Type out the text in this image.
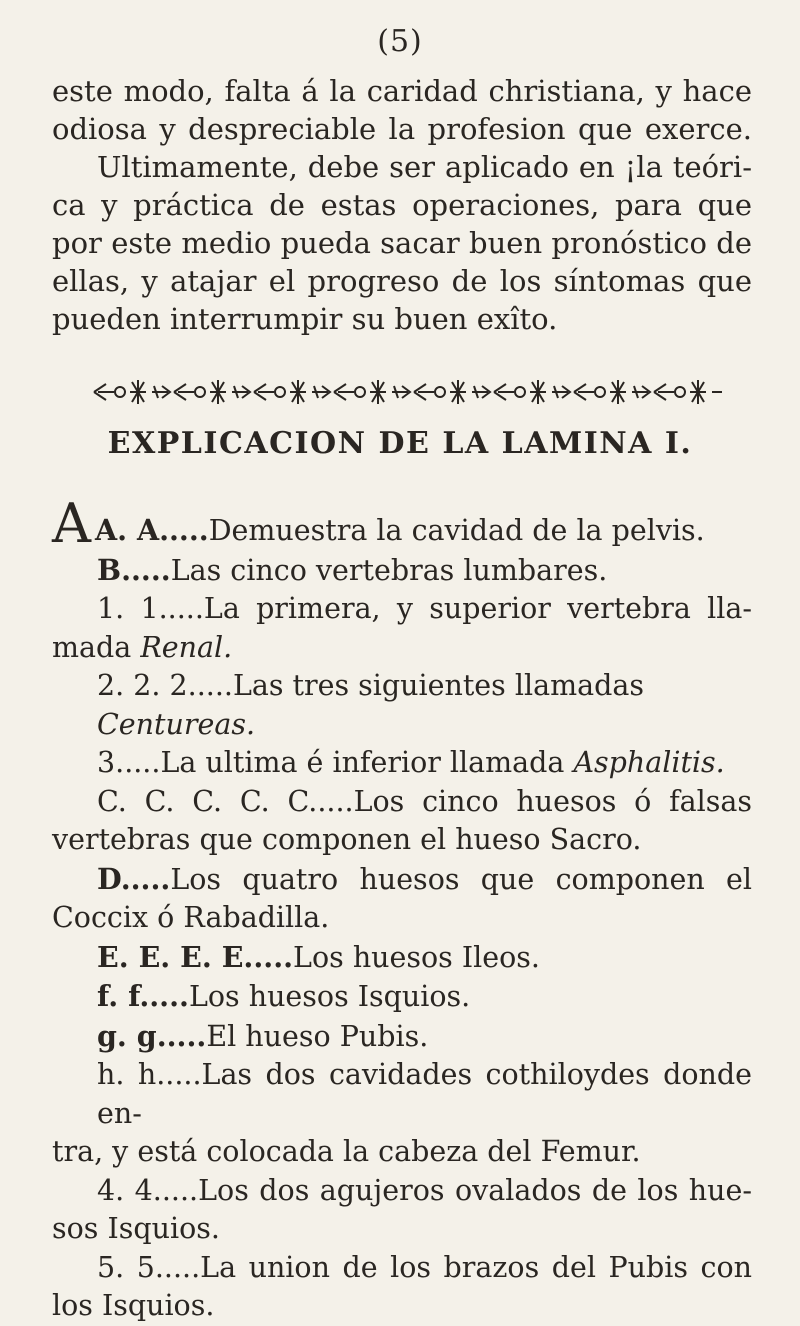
(5)
este modo, falta á la caridad christiana, y hace
odiosa y despreciable la profesion que exerce.
Ultimamente, debe ser aplicado en ¡la teóri-
ca y práctica de estas operaciones, para que
por este medio pueda sacar buen pronóstico de
ellas, y atajar el progreso de los síntomas que
pueden interrumpir su buen exîto.
EXPLICACION DE LA LAMINA I.
A A. A.....Demuestra la cavidad de la pelvis.
B.....Las cinco vertebras lumbares.
1. 1.....La primera, y superior vertebra lla-
mada Renal.
2. 2. 2.....Las tres siguientes llamadas Centureas.
3.....La ultima é inferior llamada Asphalitis.
C. C. C. C. C.....Los cinco huesos ó falsas
vertebras que componen el hueso Sacro.
D.....Los quatro huesos que componen el
Coccix ó Rabadilla.
E. E. E. E.....Los huesos Ileos.
f. f.....Los huesos Isquios.
g. g.....El hueso Pubis.
h. h.....Las dos cavidades cothiloydes donde en-
tra, y está colocada la cabeza del Femur.
4. 4.....Los dos agujeros ovalados de los hue-
sos Isquios.
5. 5.....La union de los brazos del Pubis con
los Isquios.
